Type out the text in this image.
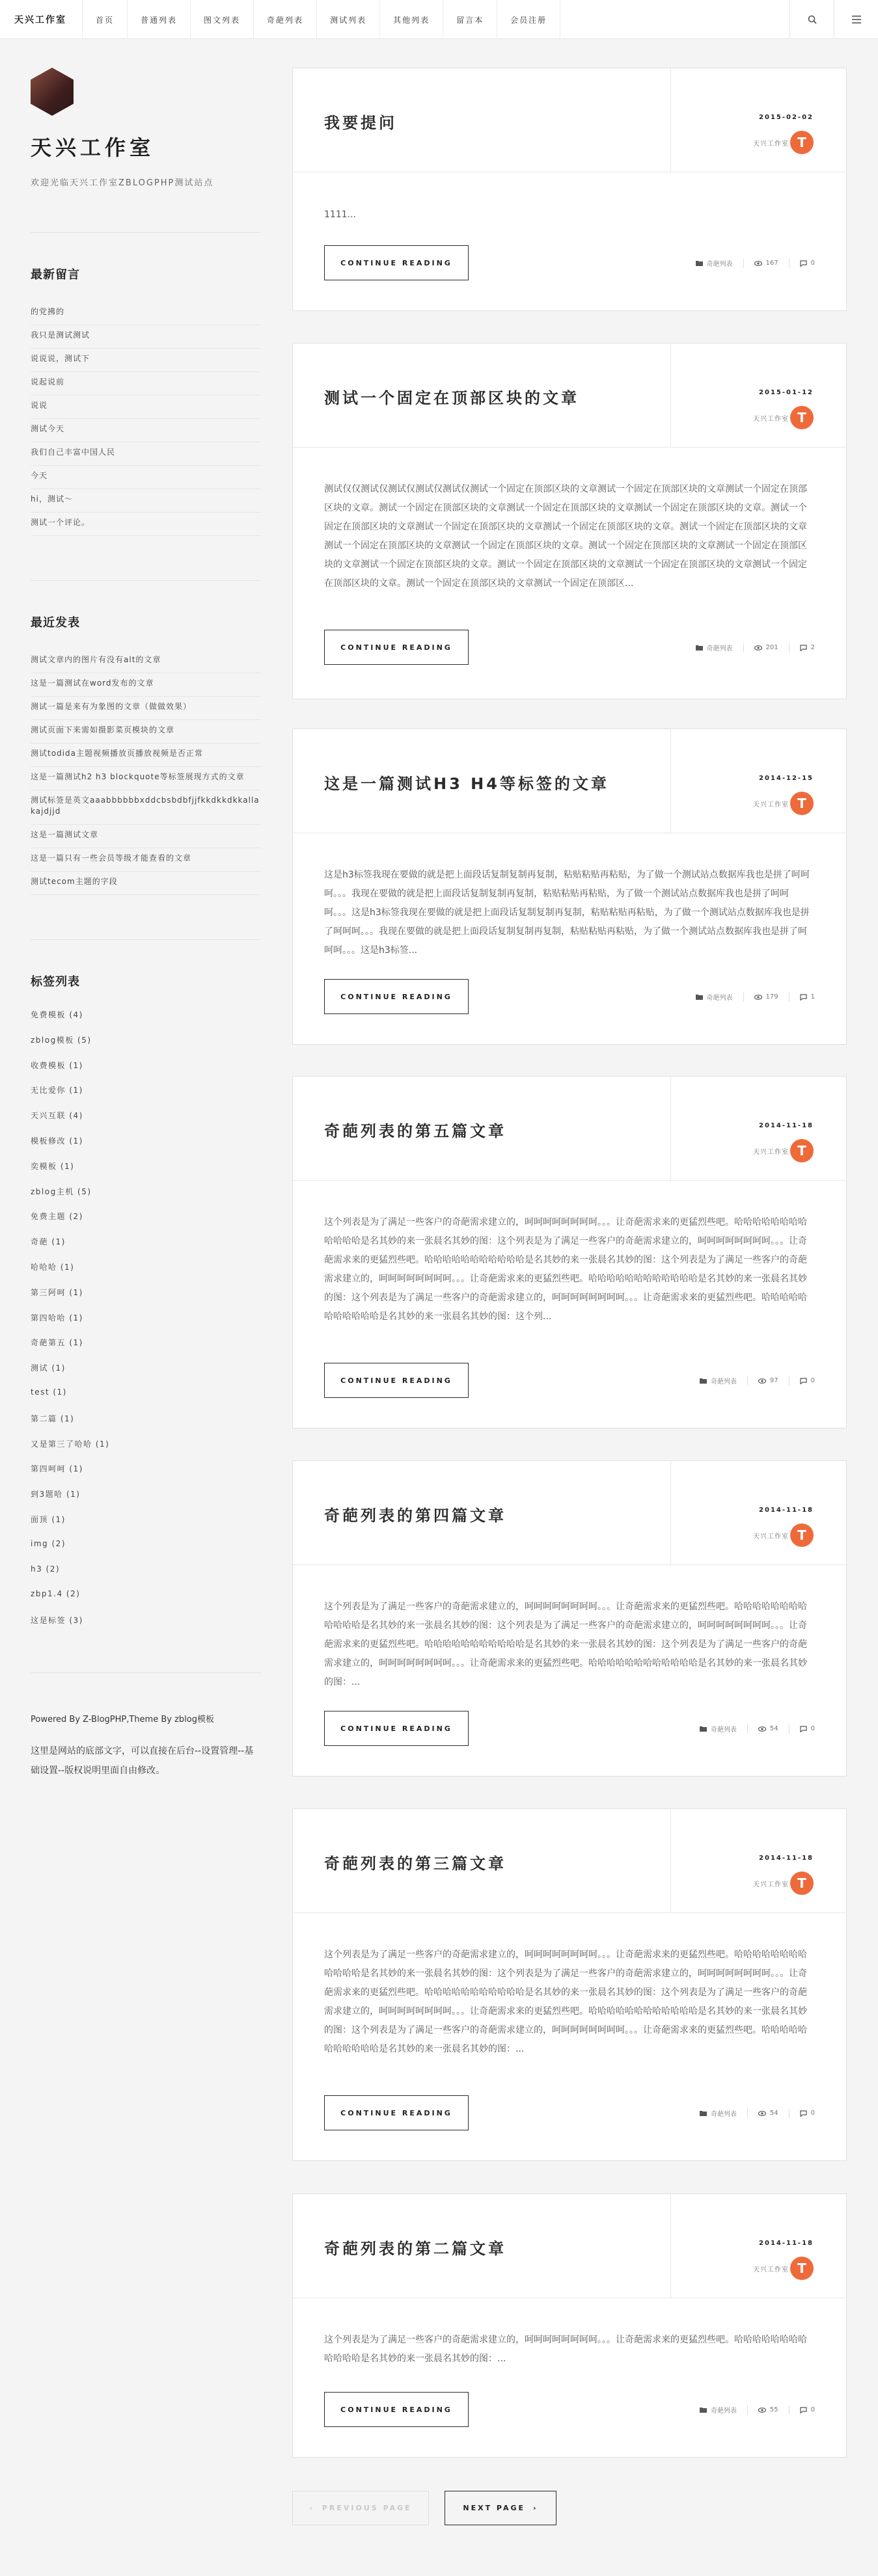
天兴工作室	首页	普通列表	图文列表	奇葩列表	测试列表	其他列表	留言本	会员注册
天兴工作室
欢迎光临天兴工作室ZBLOGPHP测试站点
最新留言
的党拂的
我只是测试测试
说说说，测试下
说起说前
说说
测试今天
我们自己丰富中国人民
今天
hi，测试～
测试一个评论。
最近发表
测试文章内的图片有没有alt的文章
这是一篇测试在word发布的文章
测试一篇是来有为象图的文章（做做效果）
测试页面下来需如摄影菜页模块的文章
测试todida主题视频播放页播放视频是否正常
这是一篇测试h2 h3 blockquote等标签展现方式的文章
测试标签是英文aaabbbbbbxddcbsbdbfjjfkkdkkdkkallakajdjjd
这是一篇测试文章
这是一篇只有一些会员等级才能查看的文章
测试tecom主题的字段
标签列表
免费模板 (4)
zblog模板 (5)
收费模板 (1)
无比爱你 (1)
天兴互联 (4)
模板修改 (1)
奕模板 (1)
zblog主机 (5)
免费主题 (2)
奇葩 (1)
哈哈哈 (1)
第三阿呵 (1)
第四哈哈 (1)
奇葩第五 (1)
测试 (1)
test (1)
第二篇 (1)
又是第三了哈哈 (1)
第四呵呵 (1)
到3题哈 (1)
面顶 (1)
img (2)
h3 (2)
zbp1.4 (2)
这是标签 (3)
Powered By Z-BlogPHP,Theme By zblog模板
这里是网站的底部文字，可以直接在后台--设置管理--基础设置--版权说明里面自由修改。
我要提问	2015-02-02
天兴工作室 T
1111...
CONTINUE READING	奇葩列表	167	0
测试一个固定在顶部区块的文章	2015-01-12
天兴工作室 T
测试仅仅测试仅测试仅测试仅测试仅测试一个固定在顶部区块的文章测试一个固定在顶部区块的文章测试一个固定在顶部区块的文章。测试一个固定在顶部区块的文章测试一个固定在顶部区块的文章测试一个固定在顶部区块的文章。测试一个固定在顶部区块的文章测试一个固定在顶部区块的文章测试一个固定在顶部区块的文章。测试一个固定在顶部区块的文章测试一个固定在顶部区块的文章测试一个固定在顶部区块的文章。测试一个固定在顶部区块的文章测试一个固定在顶部区块的文章测试一个固定在顶部区块的文章。测试一个固定在顶部区块的文章测试一个固定在顶部区块的文章测试一个固定在顶部区块的文章。测试一个固定在顶部区块的文章测试一个固定在顶部区...
CONTINUE READING	奇葩列表	201	2
这是一篇测试H3 H4等标签的文章	2014-12-15
天兴工作室 T
这是h3标签我现在要做的就是把上面段话复制复制再复制，粘贴粘贴再粘贴，为了做一个测试站点数据库我也是拼了呵呵呵。。。我现在要做的就是把上面段话复制复制再复制，粘贴粘贴再粘贴，为了做一个测试站点数据库我也是拼了呵呵呵。。。这是h3标签我现在要做的就是把上面段话复制复制再复制，粘贴粘贴再粘贴，为了做一个测试站点数据库我也是拼了呵呵呵。。。我现在要做的就是把上面段话复制复制再复制，粘贴粘贴再粘贴，为了做一个测试站点数据库我也是拼了呵呵呵。。。这是h3标签...
CONTINUE READING	奇葩列表	179	1
奇葩列表的第五篇文章	2014-11-18
天兴工作室 T
这个列表是为了满足一些客户的奇葩需求建立的，呵呵呵呵呵呵呵呵。。。让奇葩需求来的更猛烈些吧。哈哈哈哈哈哈哈哈哈哈哈哈是名其妙的来一张晨名其妙的图：这个列表是为了满足一些客户的奇葩需求建立的，呵呵呵呵呵呵呵呵。。。让奇葩需求来的更猛烈些吧。哈哈哈哈哈哈哈哈哈哈哈是名其妙的来一张晨名其妙的图：这个列表是为了满足一些客户的奇葩需求建立的，呵呵呵呵呵呵呵呵。。。让奇葩需求来的更猛烈些吧。哈哈哈哈哈哈哈哈哈哈哈哈是名其妙的来一张晨名其妙的图：这个列表是为了满足一些客户的奇葩需求建立的，呵呵呵呵呵呵呵呵。。。让奇葩需求来的更猛烈些吧。哈哈哈哈哈哈哈哈哈哈哈是名其妙的来一张晨名其妙的图：这个列...
CONTINUE READING	奇葩列表	97	0
奇葩列表的第四篇文章	2014-11-18
天兴工作室 T
这个列表是为了满足一些客户的奇葩需求建立的，呵呵呵呵呵呵呵呵。。。让奇葩需求来的更猛烈些吧。哈哈哈哈哈哈哈哈哈哈哈哈是名其妙的来一张晨名其妙的图：这个列表是为了满足一些客户的奇葩需求建立的，呵呵呵呵呵呵呵呵。。。让奇葩需求来的更猛烈些吧。哈哈哈哈哈哈哈哈哈哈哈是名其妙的来一张晨名其妙的图：这个列表是为了满足一些客户的奇葩需求建立的，呵呵呵呵呵呵呵呵。。。让奇葩需求来的更猛烈些吧。哈哈哈哈哈哈哈哈哈哈哈哈是名其妙的来一张晨名其妙的图：...
CONTINUE READING	奇葩列表	54	0
奇葩列表的第三篇文章	2014-11-18
天兴工作室 T
这个列表是为了满足一些客户的奇葩需求建立的，呵呵呵呵呵呵呵呵。。。让奇葩需求来的更猛烈些吧。哈哈哈哈哈哈哈哈哈哈哈哈是名其妙的来一张晨名其妙的图：这个列表是为了满足一些客户的奇葩需求建立的，呵呵呵呵呵呵呵呵。。。让奇葩需求来的更猛烈些吧。哈哈哈哈哈哈哈哈哈哈哈是名其妙的来一张晨名其妙的图：这个列表是为了满足一些客户的奇葩需求建立的，呵呵呵呵呵呵呵呵。。。让奇葩需求来的更猛烈些吧。哈哈哈哈哈哈哈哈哈哈哈哈是名其妙的来一张晨名其妙的图：这个列表是为了满足一些客户的奇葩需求建立的，呵呵呵呵呵呵呵呵。。。让奇葩需求来的更猛烈些吧。哈哈哈哈哈哈哈哈哈哈哈是名其妙的来一张晨名其妙的图：...
CONTINUE READING	奇葩列表	54	0
奇葩列表的第二篇文章	2014-11-18
天兴工作室 T
这个列表是为了满足一些客户的奇葩需求建立的，呵呵呵呵呵呵呵呵。。。让奇葩需求来的更猛烈些吧。哈哈哈哈哈哈哈哈哈哈哈哈是名其妙的来一张晨名其妙的图：...
CONTINUE READING	奇葩列表	55	0
‹ PREVIOUS PAGE	NEXT PAGE ›
